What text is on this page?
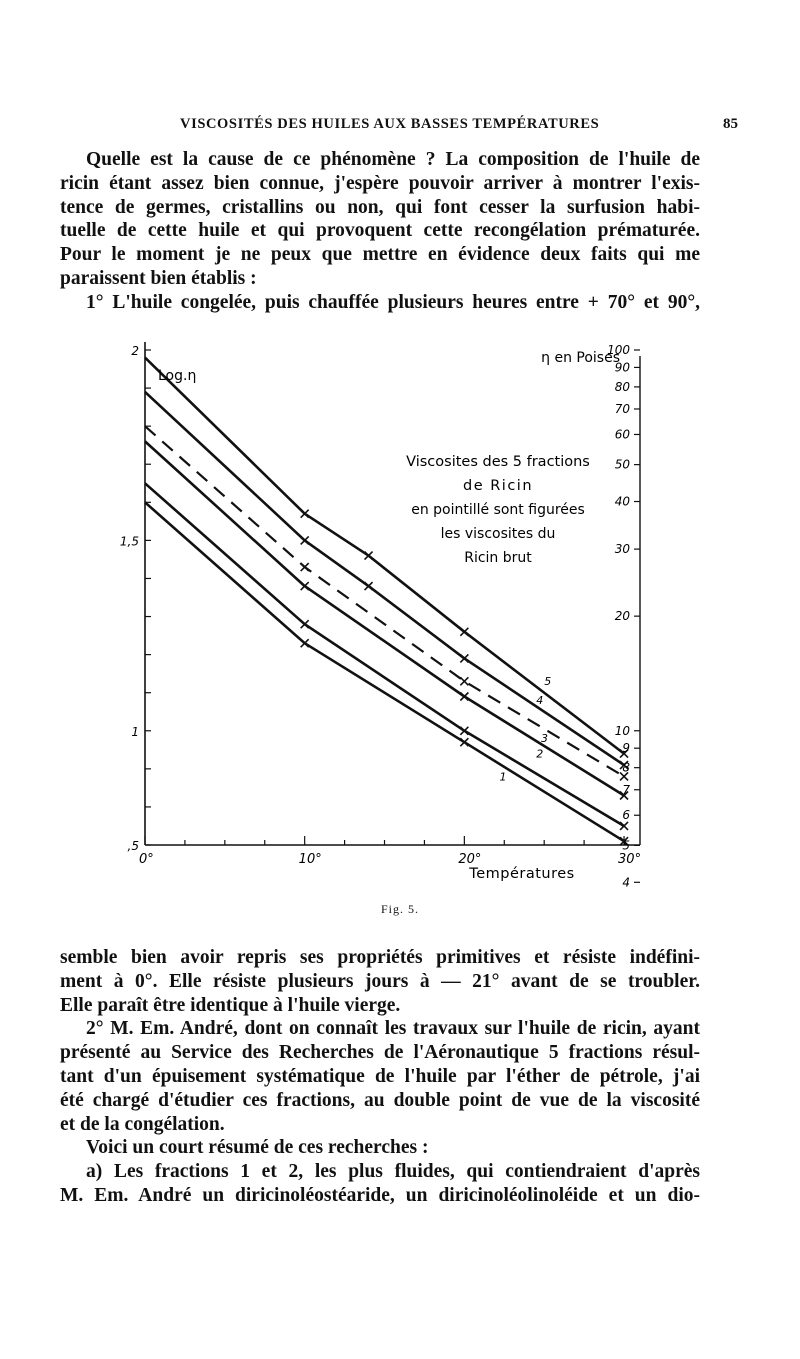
VISCOSITÉS DES HUILES AUX BASSES TEMPÉRATURES	85
Quelle est la cause de ce phénomène ? La composition de l'huile de
ricin étant assez bien connue, j'espère pouvoir arriver à montrer l'exis-
tence de germes, cristallins ou non, qui font cesser la surfusion habi-
tuelle de cette huile et qui provoquent cette recongélation prématurée.
Pour le moment je ne peux que mettre en évidence deux faits qui me
paraissent bien établis :
1° L'huile congelée, puis chauffée plusieurs heures entre + 70° et 90°,
0°	10°	20°	30°
2
1,5
1
,5
100
90
80
70
60
50
40
30
20
10
9
8
7
6
5
4
5
4
3
2
1
Viscosites des 5 fractions
de Ricin
en pointillé sont figurées
les viscosites du
Ricin brut
Log.η
η en Poises
Températures
Fig. 5.
semble bien avoir repris ses propriétés primitives et résiste indéfini-
ment à 0°. Elle résiste plusieurs jours à — 21° avant de se troubler.
Elle paraît être identique à l'huile vierge.
2° M. Em. André, dont on connaît les travaux sur l'huile de ricin, ayant
présenté au Service des Recherches de l'Aéronautique 5 fractions résul-
tant d'un épuisement systématique de l'huile par l'éther de pétrole, j'ai
été chargé d'étudier ces fractions, au double point de vue de la viscosité
et de la congélation.
Voici un court résumé de ces recherches :
a) Les fractions 1 et 2, les plus fluides, qui contiendraient d'après
M. Em. André un diricinoléostéaride, un diricinoléolinoléide et un dio-
